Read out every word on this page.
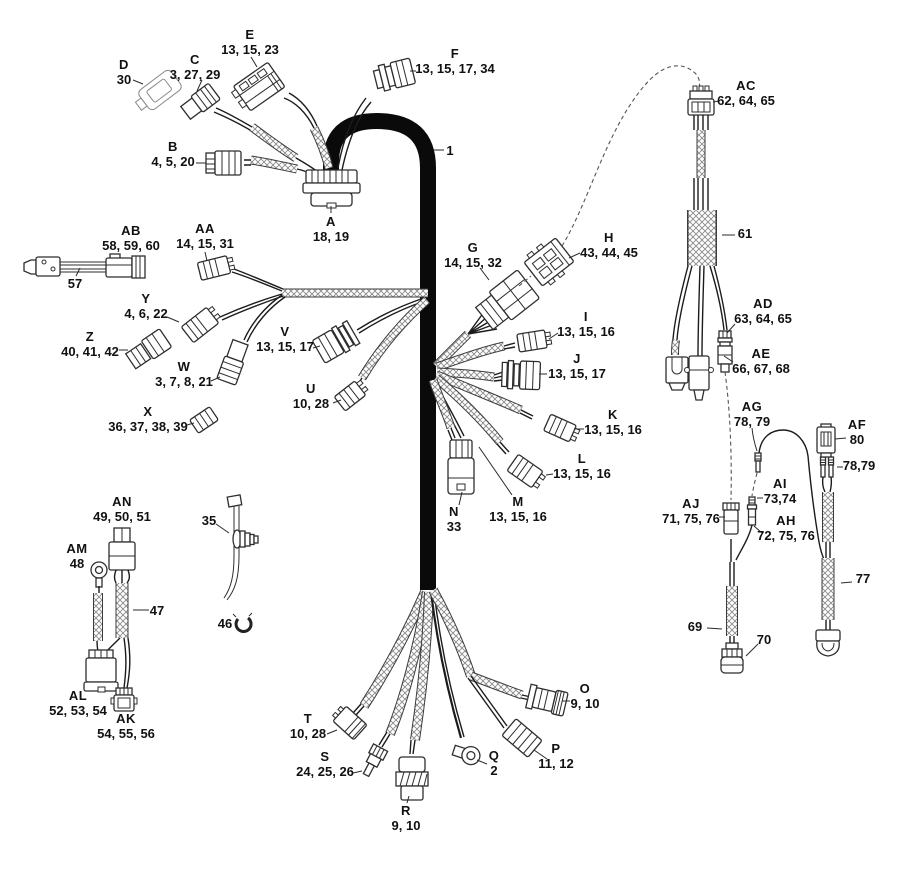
A
18, 19
B
4, 5, 20
C
3, 27, 29
D
30
E
13, 15, 23	F
13, 15, 17, 34
G
14, 15, 32
H
43, 44, 45
I
13, 15, 16
J
13, 15, 17
K
13, 15, 16
L
13, 15, 16
M
13, 15, 16
N
33
O
9, 10
P
11, 12
Q
2
R
9, 10
S
24, 25, 26
T
10, 28
U
10, 28
V
13, 15, 17
W
3, 7, 8, 21
X
36, 37, 38, 39
Y
4, 6, 22
Z
40, 41, 42
AA
14, 15, 31
AB
58, 59, 60
AC
62, 64, 65
AD
63, 64, 65
AE
66, 67, 68
AF
80
AG
78, 79
AH
72, 75, 76
AI
73,74
AJ
71, 75, 76
AK
54, 55, 56
AL
52, 53, 54
AM
48
AN
49, 50, 51
1
35
46
47
57
61
69
70
77
78,79
